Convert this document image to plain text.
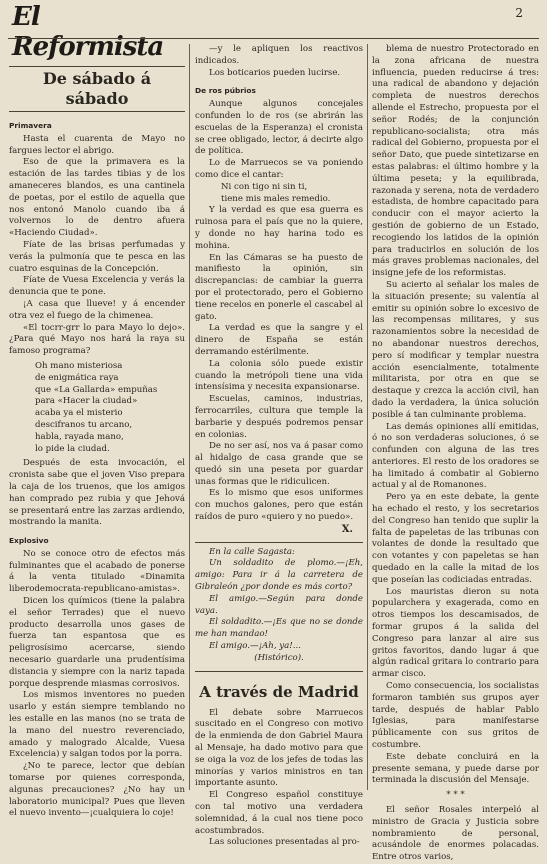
El Reformista
2
De sábado á sábado
Primavera

Hasta el cuarenta de Mayo no fargues lector el abrigo.

Eso de que la primavera es la estación de las tardes tibias y de los amaneceres blandos, es una cantinela de poetas, por el estilo de aquella que nos entonó Manolo cuando iba á volvernos lo de dentro afuera «Haciendo Ciudad».

Fíate de las brisas perfumadas y verás la pulmonía que te pesca en las cuatro esquinas de la Concepción.

Fíate de Vuesa Excelencia y verás la denuncia que te pone.

¡A casa que llueve! y á encender otra vez el fuego de la chimenea.

«El tocrr-grr lo para Mayo lo dejo». ¿Para qué Mayo nos hará la raya su famoso programa?

Oh mano misteriosa

de enigmática raya

que «La Gallarda» empuñas

para «Hacer la ciudad»

acaba ya el misterio

descifranos tu arcano,

habla, rayada mano,

lo pide la ciudad.

Después de esta invocación, el cronista sabe que el joven Viso prepara la caja de los truenos, que los amigos han comprado pez rubia y que Jehová se presentará entre las zarzas ardiendo, mostrando la manita.

Explosivo

No se conoce otro de efectos más fulminantes que el acabado de ponerse á la venta titulado «Dinamita liberodemocrata-republicano-amistas».

Dicen los químicos (tiene la palabra el señor Terrades) que el nuevo producto desarrolla unos gases de fuerza tan espantosa que es peligrosísimo acercarse, siendo necesario guardarle una prudentísima distancia y siempre con la nariz tapada porque desprende miasmas corrosivos.

Los mismos inventores no pueden usarlo y están siempre temblando no les estalle en las manos (no se trata de la mano del nuestro reverenciado, amado y malogrado Alcalde, Vuesa Excelencia) y salgan todos por la porra.

¿No te parece, lector que debían tomarse por quienes corresponda, algunas precauciones? ¿No hay un laboratorio municipal? Pues que lleven el nuevo invento—¡cualquiera lo coje!

—y le apliquen los reactivos indicados.

Los boticarios pueden lucirse.

De ros púbrios

Aunque algunos concejales confunden lo de ros (se abrirán las escuelas de la Esperanza) el cronista se cree obligado, lector, á decirte algo de política.

Lo de Marruecos se va poniendo como dice el cantar:

Ni con tigo ni sin ti,

tiene mis males remedio.

Y la verdad es que esa guerra es ruinosa para el país que no la quiere, y donde no hay harina todo es mohina.

En las Cámaras se ha puesto de manifiesto la opinión, sin discrepancias: de cambiar la guerra por el protectorado, pero el Gobierno tiene recelos en ponerle el cascabel al gato.

La verdad es que la sangre y el dinero de España se están derramando estérilmente.

La colonia sólo puede existir cuando la metrópoli tiene una vida intensísima y necesita expansionarse.

Escuelas, caminos, industrias, ferrocarriles, cultura que temple la barbarie y después podremos pensar en colonias.

De no ser así, nos va á pasar como al hidalgo de casa grande que se quedó sin una peseta por guardar unas formas que le ridiculicen.

Es lo mismo que esos uniformes con muchos galones, pero que están raídos de puro «quiero y no puedo».

X.

En la calle Sagasta:

Un soldadito de plomo.—¡Eh, amigo: Para ir á la carretera de Gibraleón ¿por donde es más corto?

El amigo.—Según para donde vaya.

El soldadito.—¡Es que no se donde me han mandao!

El amigo.—¡Ah, ya!...

(Histórico).

A través de Madrid

El debate sobre Marruecos suscitado en el Congreso con motivo de la enmienda de don Gabriel Maura al Mensaje, ha dado motivo para que se oiga la voz de los jefes de todas las minorías y varios ministros en tan importante asunto.

El Congreso español constituye con tal motivo una verdadera solemnidad, á la cual nos tiene poco acostumbrados.

Las soluciones presentadas al pro-

blema de nuestro Protectorado en la zona africana de nuestra influencia, pueden reducirse á tres: una radical de abandono y dejación completa de nuestros derechos allende el Estrecho, propuesta por el señor Rodés; de la conjunción republicano-socialista; otra más radical del Gobierno, propuesta por el señor Dato, que puede sintetizarse en estas palabras: el último hombre y la última peseta; y la equilibrada, razonada y serena, nota de verdadero estadista, de hombre capacitado para conducir con el mayor acierto la gestión de gobierno de un Estado, recogiendo los latidos de la opinión para traducirlos en solución de los más graves problemas nacionales, del insigne jefe de los reformistas.

Su acierto al señalar los males de la situación presente; su valentía al emitir su opinión sobre lo excesivo de las recompensas militares, y sus razonamientos sobre la necesidad de no abandonar nuestros derechos, pero sí modificar y templar nuestra acción esencialmente, totalmente militarista, por otra en que se destaque y crezca la acción civil, han dado la verdadera, la única solución posible á tan culminante problema.

Las demás opiniones allí emitidas, ó no son verdaderas soluciones, ó se confunden con alguna de las tres anteriores. El resto de los oradores se ha limitado á combatir al Gobierno actual y al de Romanones.

Pero ya en este debate, la gente ha echado el resto, y los secretarios del Congreso han tenido que suplir la falta de papeletas de las tribunas con volantes de donde la resultado que con votantes y con papeletas se han quedado en la calle la mitad de los que poseían las codiciadas entradas.

Los mauristas dieron su nota popularchera y exagerada, como en otros tiempos los descamisados, de formar grupos á la salida del Congreso para lanzar al aire sus gritos favoritos, dando lugar á que algún radical gritara lo contrario para armar cisco.

Como consecuencia, los socialistas formaron también sus grupos ayer tarde, después de hablar Pablo Iglesias, para manifestarse públicamente con sus gritos de costumbre.

Este debate concluirá en la presente semana, y puede darse por terminada la discusión del Mensaje.

* * *

El señor Rosales interpeló al ministro de Gracia y Justicia sobre nombramiento de personal, acusándole de enormes polacadas. Entre otros varios,
